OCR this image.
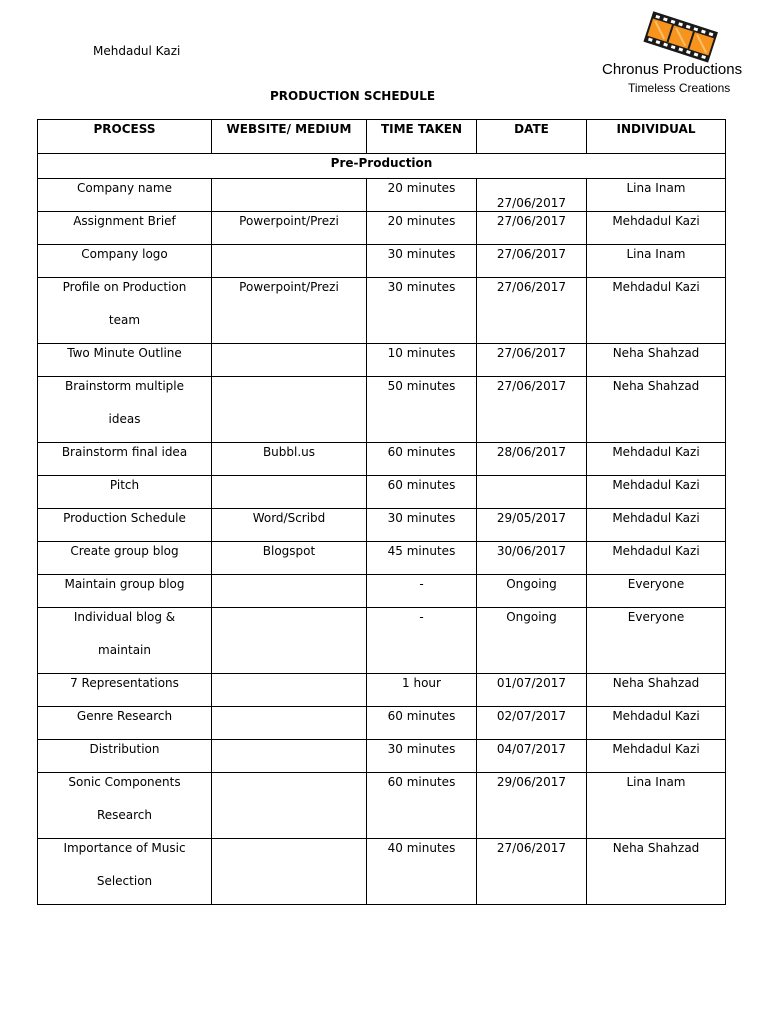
Mehdadul Kazi
Chronus Productions
Timeless Creations
PRODUCTION SCHEDULE
PROCESS	WEBSITE/ MEDIUM	TIME TAKEN	DATE	INDIVIDUAL
Pre-Production				
Company name		20 minutes	27/06/2017	Lina Inam
Assignment Brief	Powerpoint/Prezi	20 minutes	27/06/2017	Mehdadul Kazi
Company logo		30 minutes	27/06/2017	Lina Inam
Profile on Production
team	Powerpoint/Prezi	30 minutes	27/06/2017	Mehdadul Kazi
Two Minute Outline		10 minutes	27/06/2017	Neha Shahzad
Brainstorm multiple
ideas		50 minutes	27/06/2017	Neha Shahzad
Brainstorm final idea	Bubbl.us	60 minutes	28/06/2017	Mehdadul Kazi
Pitch		60 minutes		Mehdadul Kazi
Production Schedule	Word/Scribd	30 minutes	29/05/2017	Mehdadul Kazi
Create group blog	Blogspot	45 minutes	30/06/2017	Mehdadul Kazi
Maintain group blog		-	Ongoing	Everyone
Individual blog &
maintain		-	Ongoing	Everyone
7 Representations		1 hour	01/07/2017	Neha Shahzad
Genre Research		60 minutes	02/07/2017	Mehdadul Kazi
Distribution		30 minutes	04/07/2017	Mehdadul Kazi
Sonic Components
Research		60 minutes	29/06/2017	Lina Inam
Importance of Music
Selection		40 minutes	27/06/2017	Neha Shahzad
